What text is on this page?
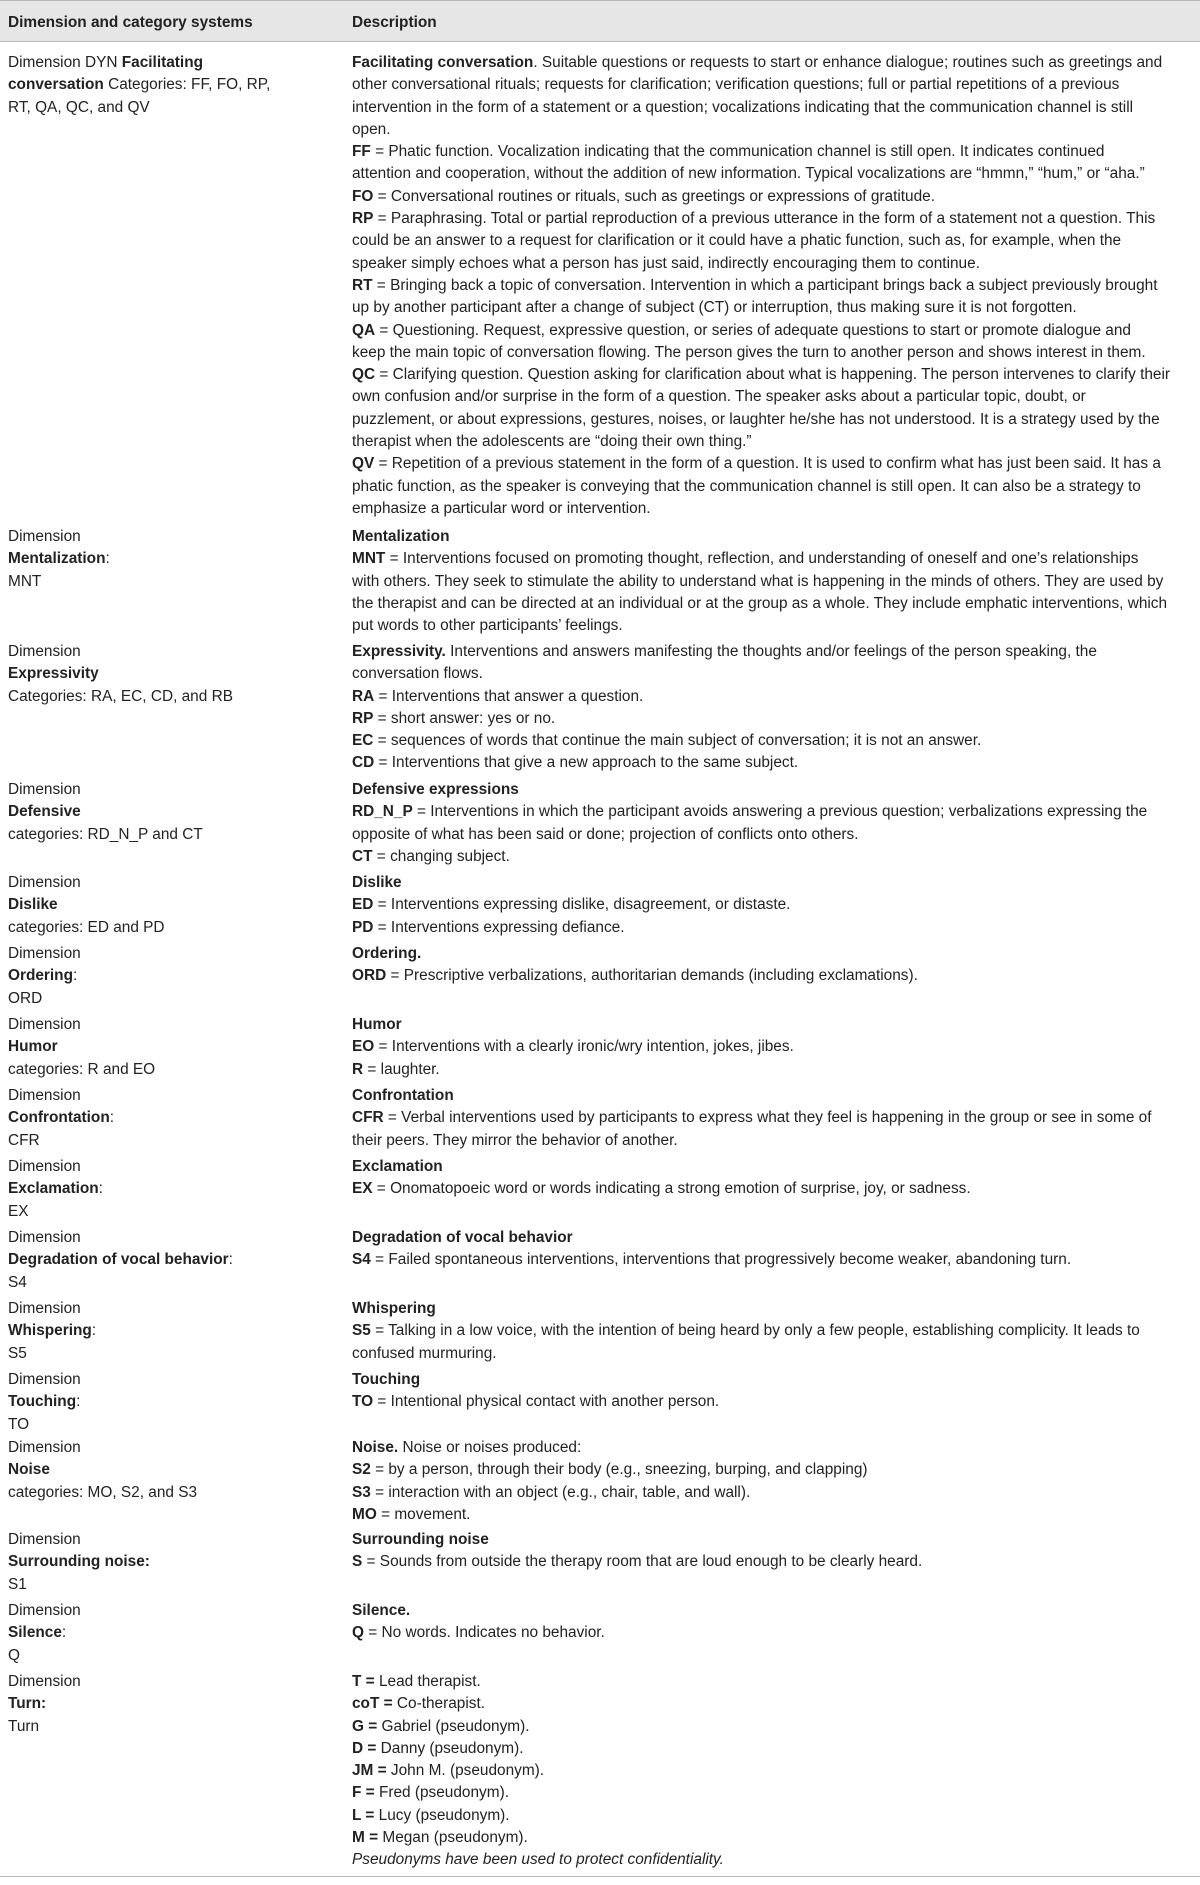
Dimension and category systems	Description
Dimension DYN Facilitating
conversation Categories: FF, FO, RP,
RT, QA, QC, and QV
Facilitating conversation. Suitable questions or requests to start or enhance dialogue; routines such as greetings and
other conversational rituals; requests for clarification; verification questions; full or partial repetitions of a previous
intervention in the form of a statement or a question; vocalizations indicating that the communication channel is still
open.
FF = Phatic function. Vocalization indicating that the communication channel is still open. It indicates continued
attention and cooperation, without the addition of new information. Typical vocalizations are “hmmn,” “hum,” or “aha.”
FO = Conversational routines or rituals, such as greetings or expressions of gratitude.
RP = Paraphrasing. Total or partial reproduction of a previous utterance in the form of a statement not a question. This
could be an answer to a request for clarification or it could have a phatic function, such as, for example, when the
speaker simply echoes what a person has just said, indirectly encouraging them to continue.
RT = Bringing back a topic of conversation. Intervention in which a participant brings back a subject previously brought
up by another participant after a change of subject (CT) or interruption, thus making sure it is not forgotten.
QA = Questioning. Request, expressive question, or series of adequate questions to start or promote dialogue and
keep the main topic of conversation flowing. The person gives the turn to another person and shows interest in them.
QC = Clarifying question. Question asking for clarification about what is happening. The person intervenes to clarify their
own confusion and/or surprise in the form of a question. The speaker asks about a particular topic, doubt, or
puzzlement, or about expressions, gestures, noises, or laughter he/she has not understood. It is a strategy used by the
therapist when the adolescents are “doing their own thing.”
QV = Repetition of a previous statement in the form of a question. It is used to confirm what has just been said. It has a
phatic function, as the speaker is conveying that the communication channel is still open. It can also be a strategy to
emphasize a particular word or intervention.
Dimension
Mentalization:
MNT
Mentalization
MNT = Interventions focused on promoting thought, reflection, and understanding of oneself and one’s relationships
with others. They seek to stimulate the ability to understand what is happening in the minds of others. They are used by
the therapist and can be directed at an individual or at the group as a whole. They include emphatic interventions, which
put words to other participants’ feelings.
Dimension
Expressivity
Categories: RA, EC, CD, and RB
Expressivity. Interventions and answers manifesting the thoughts and/or feelings of the person speaking, the
conversation flows.
RA = Interventions that answer a question.
RP = short answer: yes or no.
EC = sequences of words that continue the main subject of conversation; it is not an answer.
CD = Interventions that give a new approach to the same subject.
Dimension
Defensive
categories: RD_N_P and CT
Defensive expressions
RD_N_P = Interventions in which the participant avoids answering a previous question; verbalizations expressing the
opposite of what has been said or done; projection of conflicts onto others.
CT = changing subject.
Dimension
Dislike
categories: ED and PD
Dislike
ED = Interventions expressing dislike, disagreement, or distaste.
PD = Interventions expressing defiance.
Dimension
Ordering:
ORD
Ordering.
ORD = Prescriptive verbalizations, authoritarian demands (including exclamations).
Dimension
Humor
categories: R and EO
Humor
EO = Interventions with a clearly ironic/wry intention, jokes, jibes.
R = laughter.
Dimension
Confrontation:
CFR
Confrontation
CFR = Verbal interventions used by participants to express what they feel is happening in the group or see in some of
their peers. They mirror the behavior of another.
Dimension
Exclamation:
EX
Exclamation
EX = Onomatopoeic word or words indicating a strong emotion of surprise, joy, or sadness.
Dimension
Degradation of vocal behavior:
S4
Degradation of vocal behavior
S4 = Failed spontaneous interventions, interventions that progressively become weaker, abandoning turn.
Dimension
Whispering:
S5
Whispering
S5 = Talking in a low voice, with the intention of being heard by only a few people, establishing complicity. It leads to
confused murmuring.
Dimension
Touching:
TO
Touching
TO = Intentional physical contact with another person.
Dimension
Noise
categories: MO, S2, and S3
Noise. Noise or noises produced:
S2 = by a person, through their body (e.g., sneezing, burping, and clapping)
S3 = interaction with an object (e.g., chair, table, and wall).
MO = movement.
Dimension
Surrounding noise:
S1
Surrounding noise
S = Sounds from outside the therapy room that are loud enough to be clearly heard.
Dimension
Silence:
Q
Silence.
Q = No words. Indicates no behavior.
Dimension
Turn:
Turn
T = Lead therapist.
coT = Co-therapist.
G = Gabriel (pseudonym).
D = Danny (pseudonym).
JM = John M. (pseudonym).
F = Fred (pseudonym).
L = Lucy (pseudonym).
M = Megan (pseudonym).
Pseudonyms have been used to protect confidentiality.
